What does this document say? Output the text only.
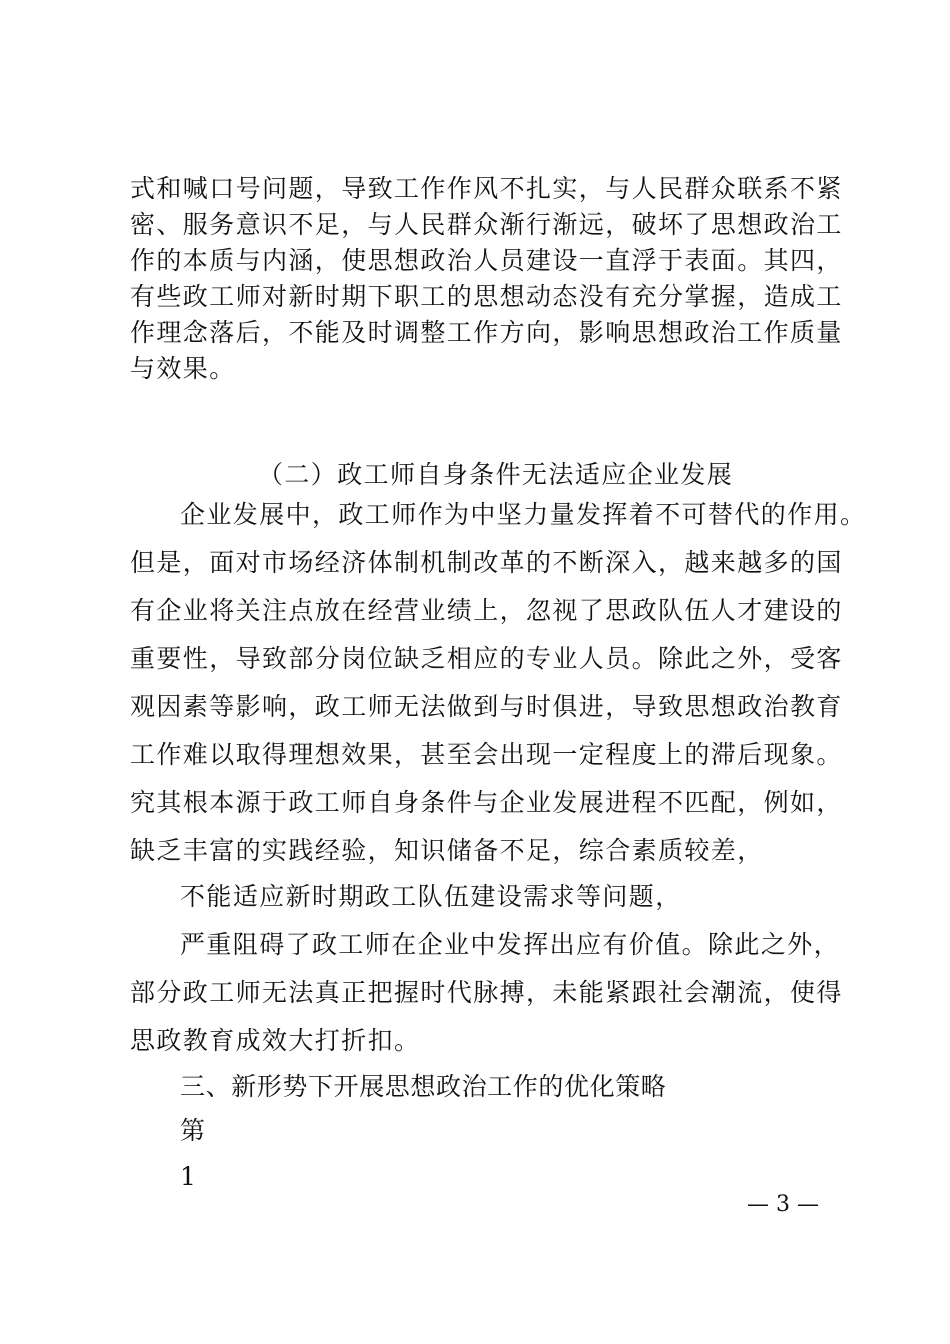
式和喊口号问题，导致工作作风不扎实，与人民群众联系不紧
密、服务意识不足，与人民群众渐行渐远，破坏了思想政治工
作的本质与内涵，使思想政治人员建设一直浮于表面。其四，
有些政工师对新时期下职工的思想动态没有充分掌握，造成工
作理念落后，不能及时调整工作方向，影响思想政治工作质量
与效果。
（二）政工师自身条件无法适应企业发展
企业发展中，政工师作为中坚力量发挥着不可替代的作用。
但是，面对市场经济体制机制改革的不断深入，越来越多的国
有企业将关注点放在经营业绩上，忽视了思政队伍人才建设的
重要性，导致部分岗位缺乏相应的专业人员。除此之外，受客
观因素等影响，政工师无法做到与时俱进，导致思想政治教育
工作难以取得理想效果，甚至会出现一定程度上的滞后现象。
究其根本源于政工师自身条件与企业发展进程不匹配，例如，
缺乏丰富的实践经验，知识储备不足，综合素质较差，
不能适应新时期政工队伍建设需求等问题，
严重阻碍了政工师在企业中发挥出应有价值。除此之外，
部分政工师无法真正把握时代脉搏，未能紧跟社会潮流，使得
思政教育成效大打折扣。
三、新形势下开展思想政治工作的优化策略
第
1
— 3 —
